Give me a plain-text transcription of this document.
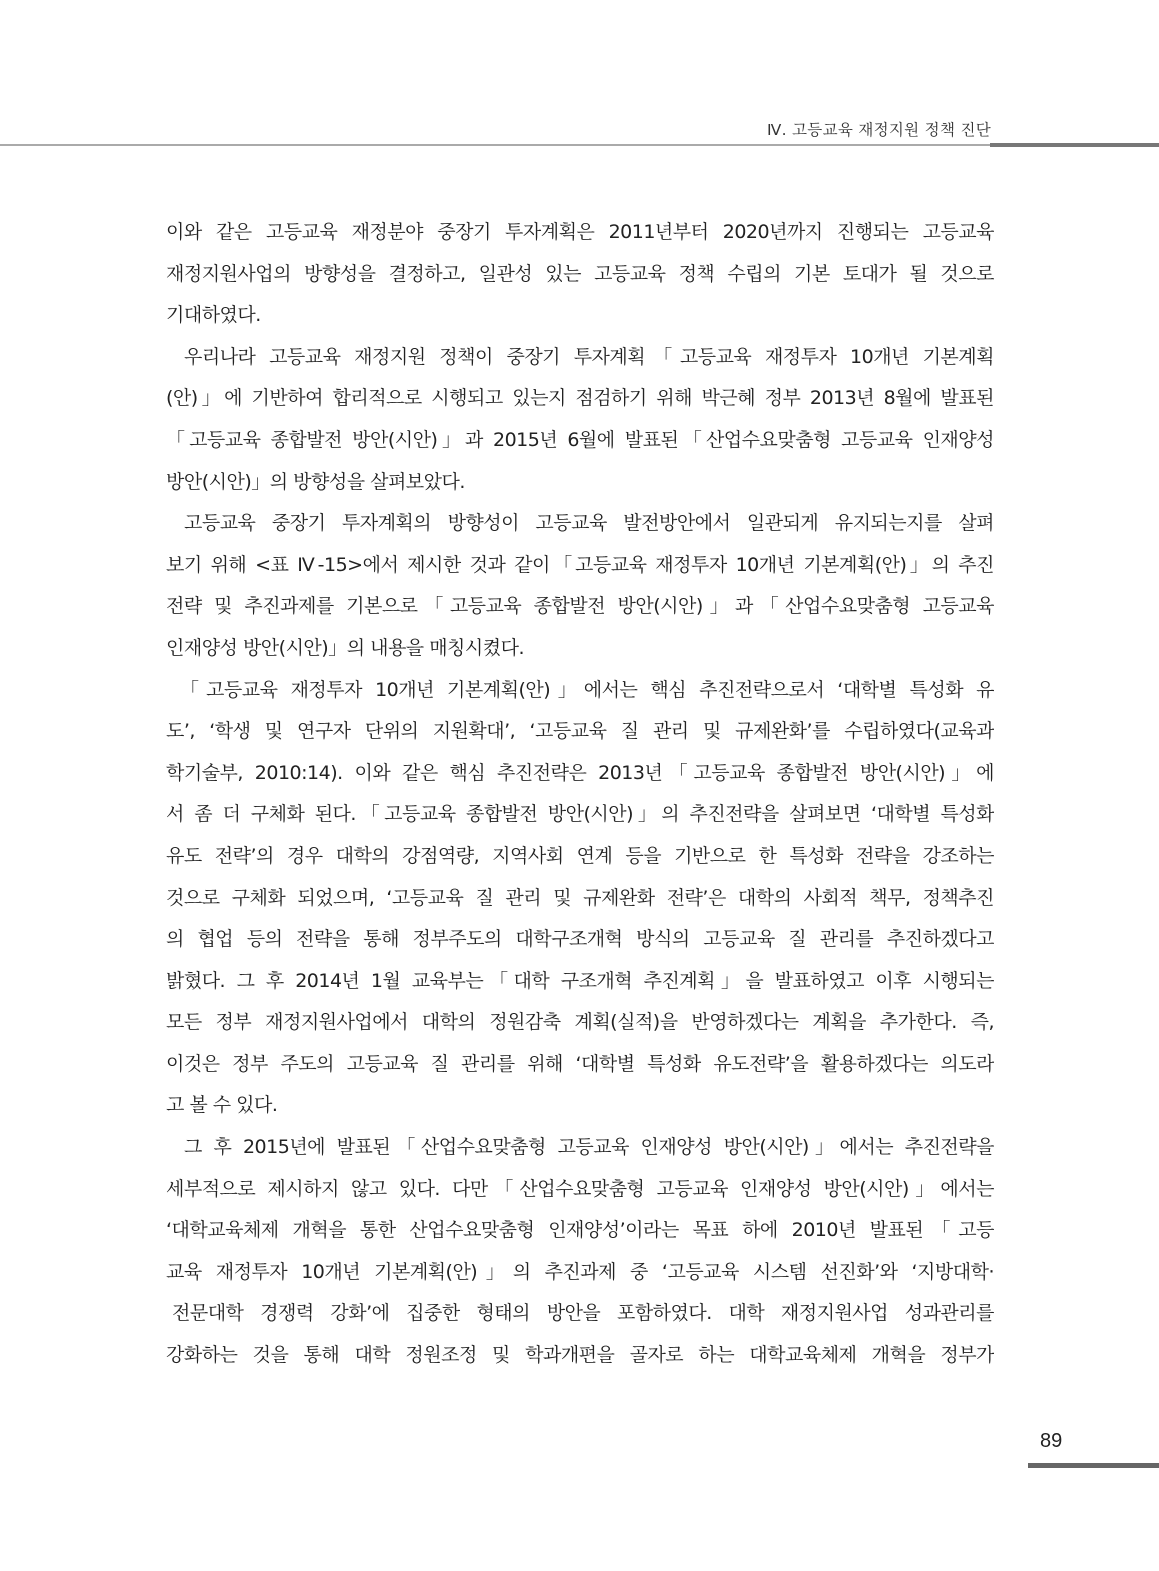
Ⅳ. 고등교육 재정지원 정책 진단
이와 같은 고등교육 재정분야 중장기 투자계획은 2011년부터 2020년까지 진행되는 고등교육
재정지원사업의 방향성을 결정하고, 일관성 있는 고등교육 정책 수립의 기본 토대가 될 것으로
기대하였다.
우리나라 고등교육 재정지원 정책이 중장기 투자계획「고등교육 재정투자 10개년 기본계획
(안)」에 기반하여 합리적으로 시행되고 있는지 점검하기 위해 박근혜 정부 2013년 8월에 발표된
「고등교육 종합발전 방안(시안)」과 2015년 6월에 발표된「산업수요맞춤형 고등교육 인재양성
방안(시안)」의 방향성을 살펴보았다.
고등교육 중장기 투자계획의 방향성이 고등교육 발전방안에서 일관되게 유지되는지를 살펴
보기 위해 <표 Ⅳ-15>에서 제시한 것과 같이「고등교육 재정투자 10개년 기본계획(안)」의 추진
전략 및 추진과제를 기본으로「고등교육 종합발전 방안(시안)」과「산업수요맞춤형 고등교육
인재양성 방안(시안)」의 내용을 매칭시켰다.
「고등교육 재정투자 10개년 기본계획(안)」에서는 핵심 추진전략으로서 ‘대학별 특성화 유
도’, ‘학생 및 연구자 단위의 지원확대’, ‘고등교육 질 관리 및 규제완화’를 수립하였다(교육과
학기술부, 2010:14). 이와 같은 핵심 추진전략은 2013년「고등교육 종합발전 방안(시안)」에
서 좀 더 구체화 된다.「고등교육 종합발전 방안(시안)」의 추진전략을 살펴보면 ‘대학별 특성화
유도 전략’의 경우 대학의 강점역량, 지역사회 연계 등을 기반으로 한 특성화 전략을 강조하는
것으로 구체화 되었으며, ‘고등교육 질 관리 및 규제완화 전략’은 대학의 사회적 책무, 정책추진
의 협업 등의 전략을 통해 정부주도의 대학구조개혁 방식의 고등교육 질 관리를 추진하겠다고
밝혔다. 그 후 2014년 1월 교육부는「대학 구조개혁 추진계획」을 발표하였고 이후 시행되는
모든 정부 재정지원사업에서 대학의 정원감축 계획(실적)을 반영하겠다는 계획을 추가한다. 즉,
이것은 정부 주도의 고등교육 질 관리를 위해 ‘대학별 특성화 유도전략’을 활용하겠다는 의도라
고 볼 수 있다.
그 후 2015년에 발표된「산업수요맞춤형 고등교육 인재양성 방안(시안)」에서는 추진전략을
세부적으로 제시하지 않고 있다. 다만「산업수요맞춤형 고등교육 인재양성 방안(시안)」에서는
‘대학교육체제 개혁을 통한 산업수요맞춤형 인재양성’이라는 목표 하에 2010년 발표된「고등
교육 재정투자 10개년 기본계획(안)」의 추진과제 중 ‘고등교육 시스템 선진화’와 ‘지방대학·
전문대학 경쟁력 강화’에 집중한 형태의 방안을 포함하였다. 대학 재정지원사업 성과관리를
강화하는 것을 통해 대학 정원조정 및 학과개편을 골자로 하는 대학교육체제 개혁을 정부가
89
